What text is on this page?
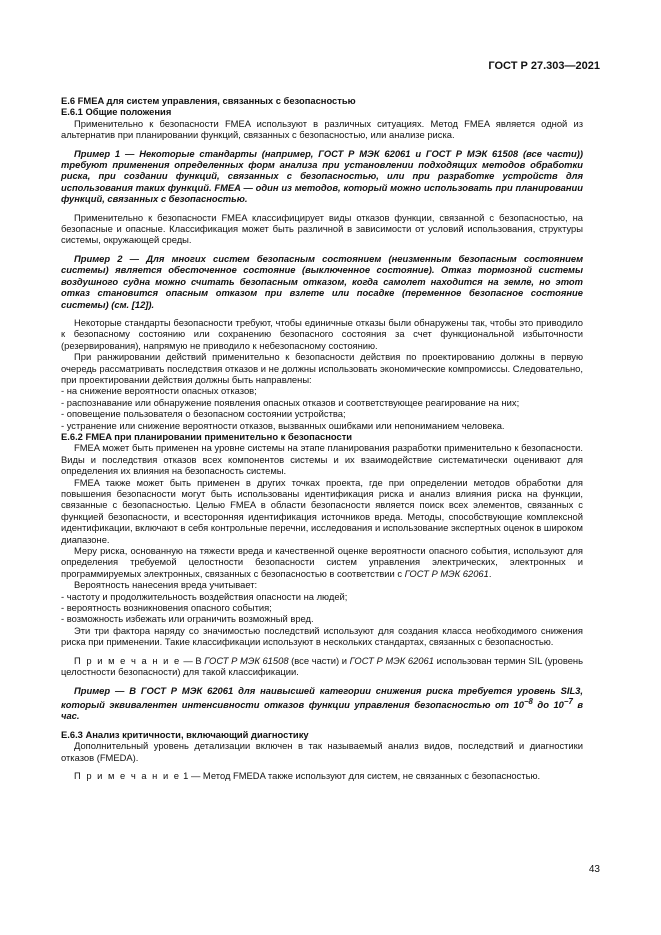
ГОСТ Р 27.303—2021

Е.6 FMEA для систем управления, связанных с безопасностью

Е.6.1 Общие положения

Применительно к безопасности FMEA используют в различных ситуациях. Метод FMEA является одной из альтернатив при планировании функций, связанных с безопасностью, или анализе риска.

Пример 1 — Некоторые стандарты (например, ГОСТ Р МЭК 62061 и ГОСТ Р МЭК 61508 (все части)) требуют применения определенных форм анализа при установлении подходящих методов обработки риска, при создании функций, связанных с безопасностью, или при разработке устройств для использования таких функций. FMEA — один из методов, который можно использовать при планировании функций, связанных с безопасностью.

Применительно к безопасности FMEA классифицирует виды отказов функции, связанной с безопасностью, на безопасные и опасные. Классификация может быть различной в зависимости от условий использования, структуры системы, окружающей среды.

Пример 2 — Для многих систем безопасным состоянием (неизменным безопасным состоянием системы) является обесточенное состояние (выключенное состояние). Отказ тормозной системы воздушного судна можно считать безопасным отказом, когда самолет находится на земле, но этот отказ становится опасным отказом при взлете или посадке (переменное безопасное состояние системы) (см. [12]).

Некоторые стандарты безопасности требуют, чтобы единичные отказы были обнаружены так, чтобы это приводило к безопасному состоянию или сохранению безопасного состояния за счет функциональной избыточности (резервирования), напрямую не приводило к небезопасному состоянию.

При ранжировании действий применительно к безопасности действия по проектированию должны в первую очередь рассматривать последствия отказов и не должны использовать экономические компромиссы. Следовательно, при проектировании действия должны быть направлены:

- на снижение вероятности опасных отказов;

- распознавание или обнаружение появления опасных отказов и соответствующее реагирование на них;

- оповещение пользователя о безопасном состоянии устройства;

- устранение или снижение вероятности отказов, вызванных ошибками или непониманием человека.

Е.6.2 FMEA при планировании применительно к безопасности

FMEA может быть применен на уровне системы на этапе планирования разработки применительно к безопасности. Виды и последствия отказов всех компонентов системы и их взаимодействие систематически оценивают для определения их влияния на безопасность системы.

FMEA также может быть применен в других точках проекта, где при определении методов обработки для повышения безопасности могут быть использованы идентификация риска и анализ влияния риска на функции, связанные с безопасностью. Целью FMEA в области безопасности является поиск всех элементов, связанных с функцией безопасности, и всесторонняя идентификация источников вреда. Методы, способствующие комплексной идентификации, включают в себя контрольные перечни, исследования и использование экспертных оценок в широком диапазоне.

Меру риска, основанную на тяжести вреда и качественной оценке вероятности опасного события, используют для определения требуемой целостности безопасности систем управления электрических, электронных и программируемых электронных, связанных с безопасностью в соответствии с ГОСТ Р МЭК 62061.

Вероятность нанесения вреда учитывает:

- частоту и продолжительность воздействия опасности на людей;

- вероятность возникновения опасного события;

- возможность избежать или ограничить возможный вред.

Эти три фактора наряду со значимостью последствий используют для создания класса необходимого снижения риска при применении. Такие классификации используют в нескольких стандартах, связанных с безопасностью.

П р и м е ч а н и е — В ГОСТ Р МЭК 61508 (все части) и ГОСТ Р МЭК 62061 использован термин SIL (уровень целостности безопасности) для такой классификации.

Пример — В ГОСТ Р МЭК 62061 для наивысшей категории снижения риска требуется уровень SIL3, который эквивалентен интенсивности отказов функции управления безопасностью от $10^{-8}$ до $10^{-7}$ в час.

Е.6.3 Анализ критичности, включающий диагностику

Дополнительный уровень детализации включен в так называемый анализ видов, последствий и диагностики отказов (FMEDA).

П р и м е ч а н и е 1 — Метод FMEDA также используют для систем, не связанных с безопасностью.

43
